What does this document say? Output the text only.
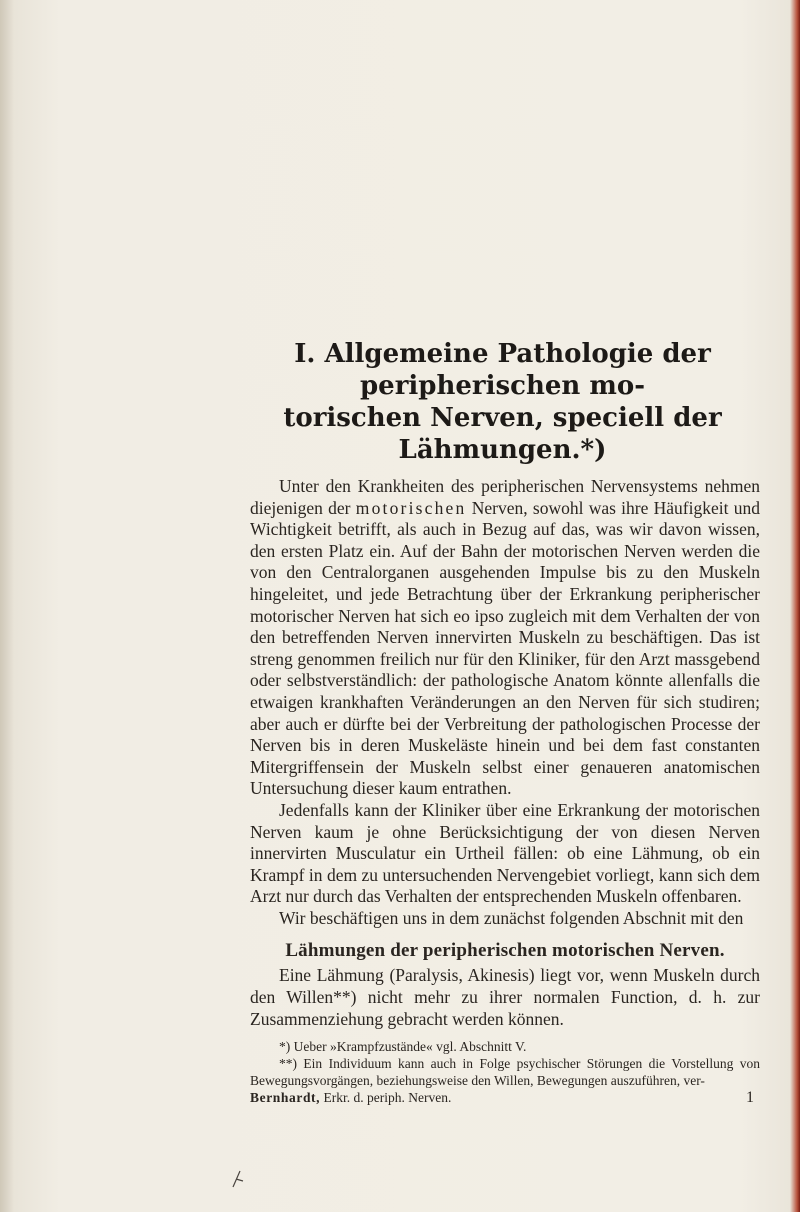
I. Allgemeine Pathologie der peripherischen mo-
torischen Nerven, speciell der Lähmungen.*)

Unter den Krankheiten des peripherischen Nervensystems nehmen diejenigen der motorischen Nerven, sowohl was ihre Häufigkeit und Wichtigkeit betrifft, als auch in Bezug auf das, was wir davon wissen, den ersten Platz ein. Auf der Bahn der motorischen Nerven werden die von den Centralorganen ausgehenden Impulse bis zu den Muskeln hingeleitet, und jede Betrachtung über der Erkrankung peripherischer motorischer Nerven hat sich eo ipso zugleich mit dem Verhalten der von den betreffenden Nerven innervirten Muskeln zu beschäftigen. Das ist streng genommen freilich nur für den Kliniker, für den Arzt massgebend oder selbstverständlich: der pathologische Anatom könnte allenfalls die etwaigen krankhaften Veränderungen an den Nerven für sich studiren; aber auch er dürfte bei der Verbreitung der pathologischen Processe der Nerven bis in deren Muskeläste hinein und bei dem fast constanten Mitergriffensein der Muskeln selbst einer genaueren anatomischen Untersuchung dieser kaum entrathen.

Jedenfalls kann der Kliniker über eine Erkrankung der motorischen Nerven kaum je ohne Berücksichtigung der von diesen Nerven innervirten Musculatur ein Urtheil fällen: ob eine Lähmung, ob ein Krampf in dem zu untersuchenden Nervengebiet vorliegt, kann sich dem Arzt nur durch das Verhalten der entsprechenden Muskeln offenbaren.

Wir beschäftigen uns in dem zunächst folgenden Abschnit mit den

Lähmungen der peripherischen motorischen Nerven.

Eine Lähmung (Paralysis, Akinesis) liegt vor, wenn Muskeln durch den Willen**) nicht mehr zu ihrer normalen Function, d. h. zur Zusammenziehung gebracht werden können.

*) Ueber »Krampfzustände« vgl. Abschnitt V.

**) Ein Individuum kann auch in Folge psychischer Störungen die Vorstellung von Bewegungsvorgängen, beziehungsweise den Willen, Bewegungen auszuführen, ver-

Bernhardt, Erkr. d. periph. Nerven.	1
